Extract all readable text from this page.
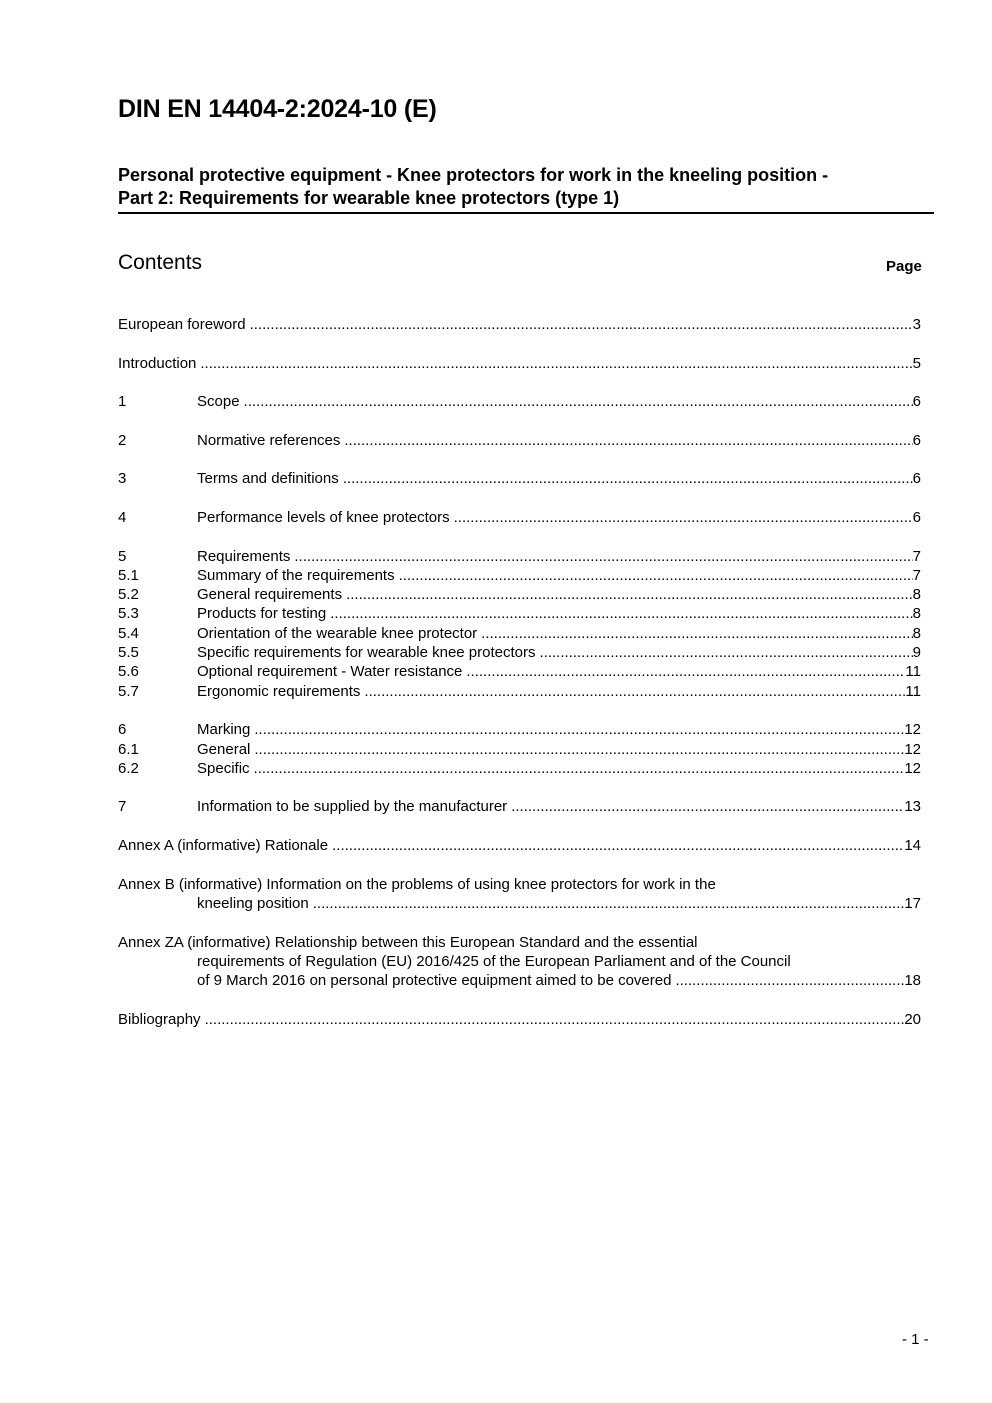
DIN EN 14404-2:2024-10 (E)
Personal protective equipment - Knee protectors for work in the kneeling position -
Part 2: Requirements for wearable knee protectors (type 1)
Contents	Page
European foreword .....	3
Introduction .....	5
1	Scope .....	6
2	Normative references .....	6
3	Terms and definitions .....	6
4	Performance levels of knee protectors .....	6
5	Requirements .....	7
5.1	Summary of the requirements .....	7
5.2	General requirements .....	8
5.3	Products for testing .....	8
5.4	Orientation of the wearable knee protector .....	8
5.5	Specific requirements for wearable knee protectors .....	9
5.6	Optional requirement - Water resistance .....	11
5.7	Ergonomic requirements .....	11
6	Marking .....	12
6.1	General .....	12
6.2	Specific .....	12
7	Information to be supplied by the manufacturer .....	13
Annex A (informative) Rationale .....	14
Annex B (informative) Information on the problems of using knee protectors for work in the
kneeling position .....	17
Annex ZA (informative) Relationship between this European Standard and the essential
requirements of Regulation (EU) 2016/425 of the European Parliament and of the Council
of 9 March 2016 on personal protective equipment aimed to be covered .....	18
Bibliography .....	20
- 1 -
